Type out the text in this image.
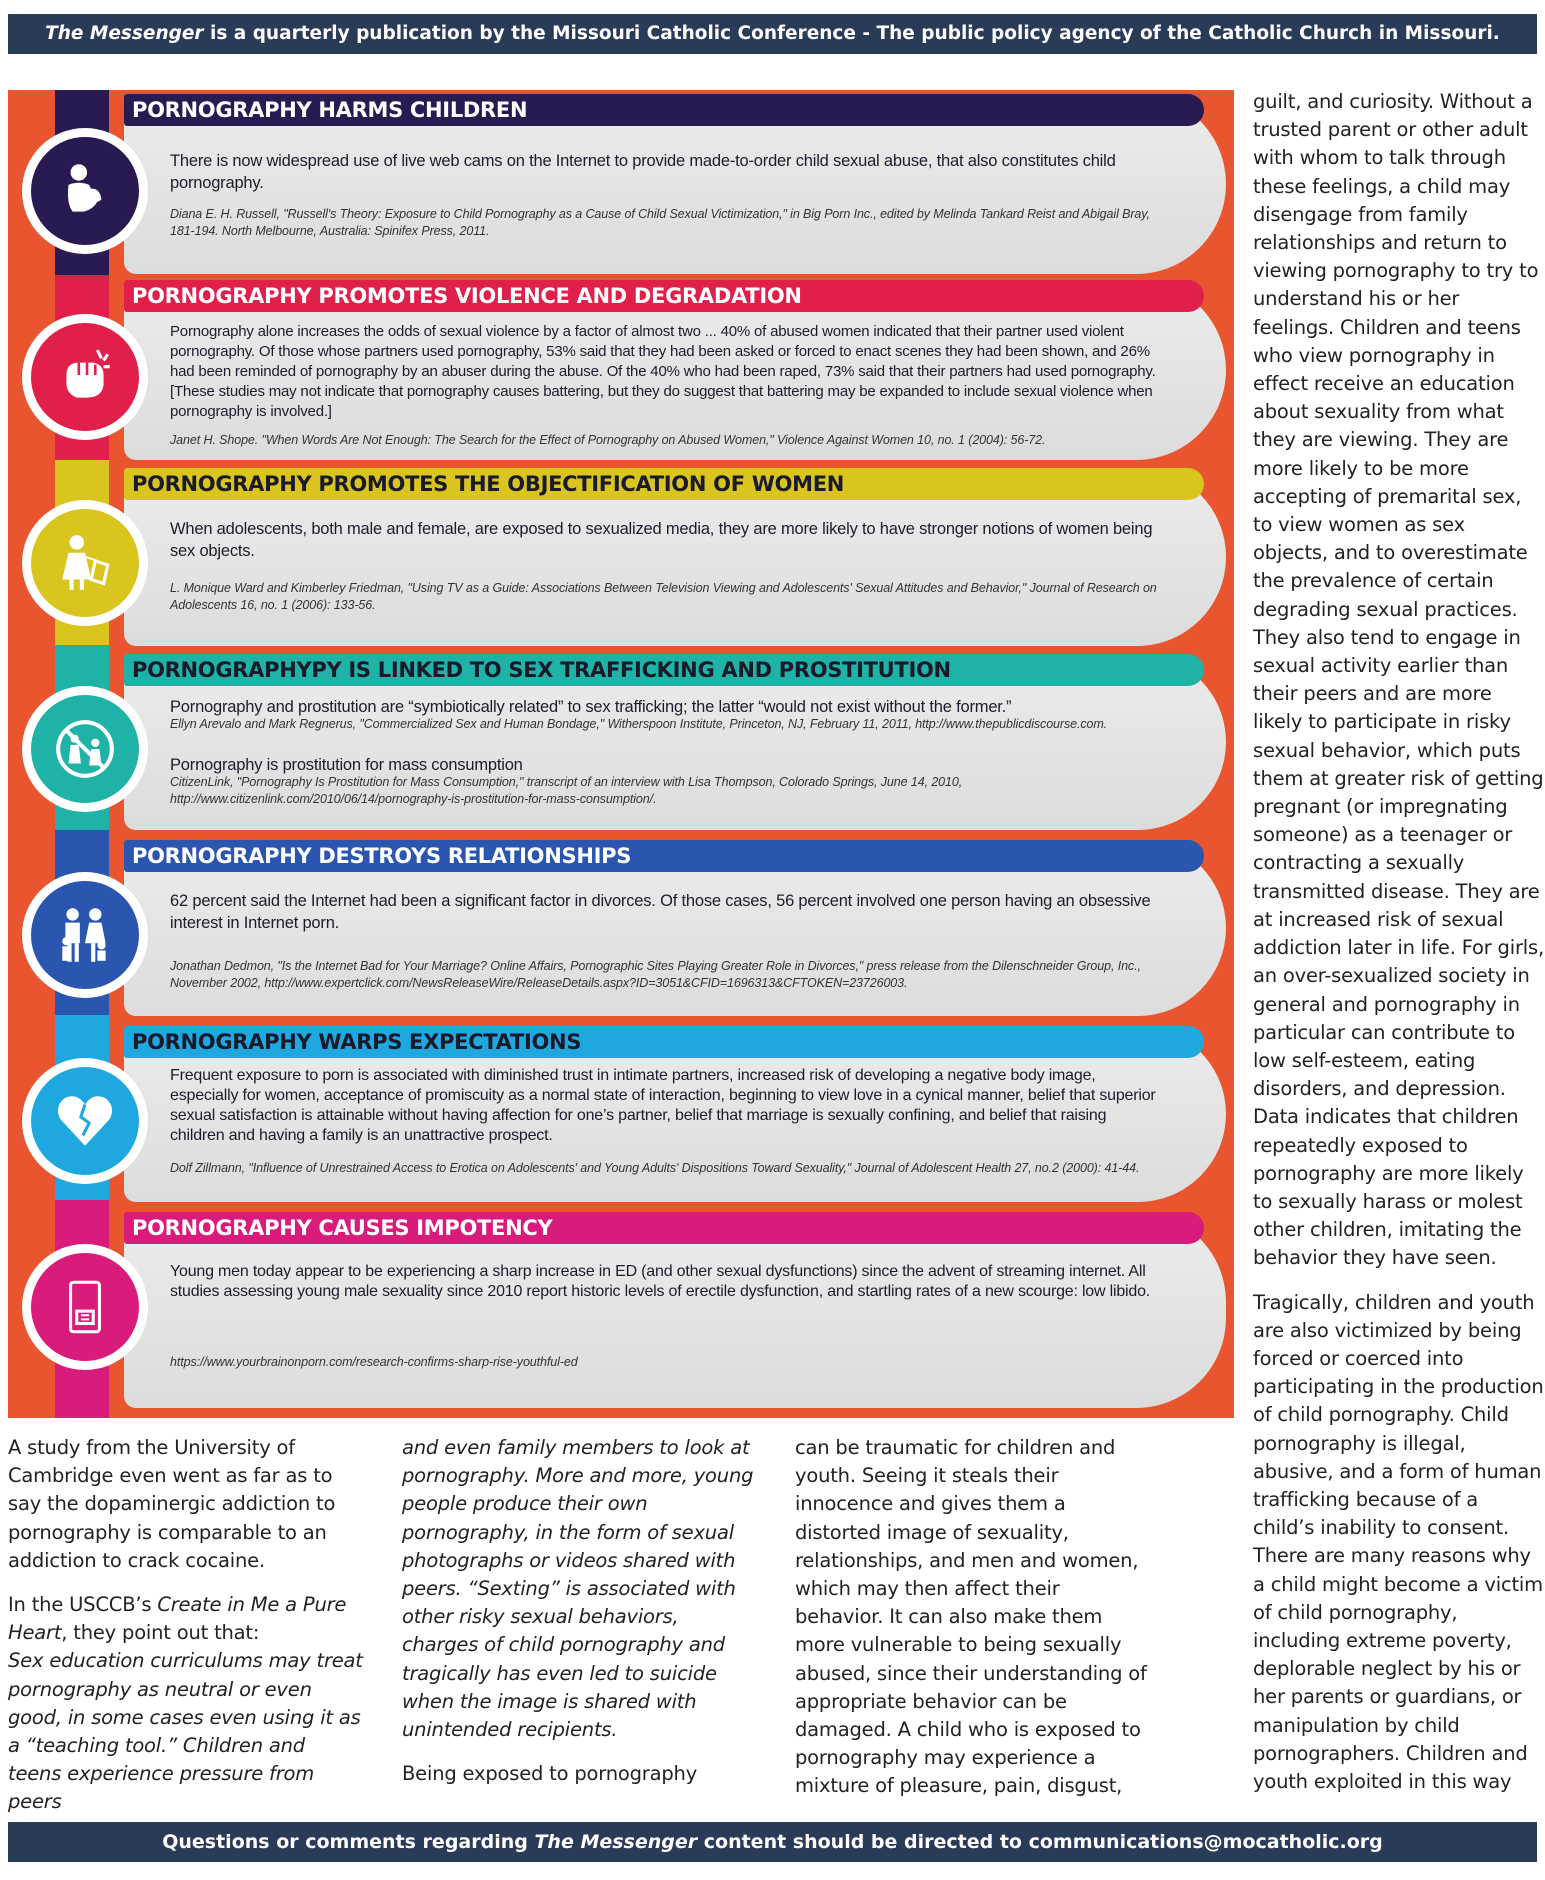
The Messenger is a quarterly publication by the Missouri Catholic Conference - The public policy agency of the Catholic Church in Missouri.
PORNOGRAPHY HARMS CHILDREN
There is now widespread use of live web cams on the Internet to provide made-to-order child sexual abuse, that also constitutes child pornography.
Diana E. H. Russell, "Russell's Theory: Exposure to Child Pornography as a Cause of Child Sexual Victimization," in Big Porn Inc., edited by Melinda Tankard Reist and Abigail Bray, 181-194. North Melbourne, Australia: Spinifex Press, 2011.
PORNOGRAPHY PROMOTES VIOLENCE AND DEGRADATION
Pornography alone increases the odds of sexual violence by a factor of almost two ... 40% of abused women indicated that their partner used violent pornography. Of those whose partners used pornography, 53% said that they had been asked or forced to enact scenes they had been shown, and 26% had been reminded of pornography by an abuser during the abuse. Of the 40% who had been raped, 73% said that their partners had used pornography. [These studies may not indicate that pornography causes battering, but they do suggest that battering may be expanded to include sexual violence when pornography is involved.]
Janet H. Shope. "When Words Are Not Enough: The Search for the Effect of Pornography on Abused Women," Violence Against Women 10, no. 1 (2004): 56-72.
PORNOGRAPHY PROMOTES THE OBJECTIFICATION OF WOMEN
When adolescents, both male and female, are exposed to sexualized media, they are more likely to have stronger notions of women being sex objects.
L. Monique Ward and Kimberley Friedman, "Using TV as a Guide: Associations Between Television Viewing and Adolescents' Sexual Attitudes and Behavior," Journal of Research on Adolescents 16, no. 1 (2006): 133-56.
PORNOGRAPHYPY IS LINKED TO SEX TRAFFICKING AND PROSTITUTION
Pornography and prostitution are “symbiotically related” to sex trafficking; the latter “would not exist without the former.”
Ellyn Arevalo and Mark Regnerus, "Commercialized Sex and Human Bondage," Witherspoon Institute, Princeton, NJ, February 11, 2011, http://www.thepublicdiscourse.com.
Pornography is prostitution for mass consumption
CitizenLink, "Pornography Is Prostitution for Mass Consumption," transcript of an interview with Lisa Thompson, Colorado Springs, June 14, 2010, http://www.citizenlink.com/2010/06/14/pornography-is-prostitution-for-mass-consumption/.
PORNOGRAPHY DESTROYS RELATIONSHIPS
62 percent said the Internet had been a significant factor in divorces. Of those cases, 56 percent involved one person having an obsessive interest in Internet porn.
Jonathan Dedmon, "Is the Internet Bad for Your Marriage? Online Affairs, Pornographic Sites Playing Greater Role in Divorces," press release from the Dilenschneider Group, Inc., November 2002, http://www.expertclick.com/NewsReleaseWire/ReleaseDetails.aspx?ID=3051&CFID=1696313&CFTOKEN=23726003.
PORNOGRAPHY WARPS EXPECTATIONS
Frequent exposure to porn is associated with diminished trust in intimate partners, increased risk of developing a negative body image, especially for women, acceptance of promiscuity as a normal state of interaction, beginning to view love in a cynical manner, belief that superior sexual satisfaction is attainable without having affection for one’s partner, belief that marriage is sexually confining, and belief that raising children and having a family is an unattractive prospect.
Dolf Zillmann, "Influence of Unrestrained Access to Erotica on Adolescents' and Young Adults' Dispositions Toward Sexuality," Journal of Adolescent Health 27, no.2 (2000): 41-44.
PORNOGRAPHY CAUSES IMPOTENCY
Young men today appear to be experiencing a sharp increase in ED (and other sexual dysfunctions) since the advent of streaming internet. All studies assessing young male sexuality since 2010 report historic levels of erectile dysfunction, and startling rates of a new scourge: low libido.
https://www.yourbrainonporn.com/research-confirms-sharp-rise-youthful-ed

guilt, and curiosity. Without a trusted parent or other adult with whom to talk through these feelings, a child may disengage from family relationships and return to viewing pornography to try to understand his or her feelings. Children and teens who view pornography in effect receive an education about sexuality from what they are viewing. They are more likely to be more accepting of premarital sex, to view women as sex objects, and to overestimate the prevalence of certain degrading sexual practices. They also tend to engage in sexual activity earlier than their peers and are more likely to participate in risky sexual behavior, which puts them at greater risk of getting pregnant (or impregnating someone) as a teenager or contracting a sexually transmitted disease. They are at increased risk of sexual addiction later in life. For girls, an over-sexualized society in general and pornography in particular can contribute to low self-esteem, eating disorders, and depression. Data indicates that children repeatedly exposed to pornography are more likely to sexually harass or molest other children, imitating the behavior they have seen.

Tragically, children and youth are also victimized by being forced or coerced into participating in the production of child pornography. Child pornography is illegal, abusive, and a form of human trafficking because of a child’s inability to consent. There are many reasons why a child might become a victim of child pornography, including extreme poverty, deplorable neglect by his or her parents or guardians, or manipulation by child pornographers. Children and youth exploited in this way

A study from the University of Cambridge even went as far as to say the dopaminergic addiction to pornography is comparable to an addiction to crack cocaine.

In the USCCB’s Create in Me a Pure Heart, they point out that:

Sex education curriculums may treat pornography as neutral or even good, in some cases even using it as a “teaching tool.” Children and teens experience pressure from peers

and even family members to look at pornography. More and more, young people produce their own pornography, in the form of sexual photographs or videos shared with peers. “Sexting” is associated with other risky sexual behaviors, charges of child pornography and tragically has even led to suicide when the image is shared with unintended recipients.

Being exposed to pornography

can be traumatic for children and youth. Seeing it steals their innocence and gives them a distorted image of sexuality, relationships, and men and women, which may then affect their behavior. It can also make them more vulnerable to being sexually abused, since their understanding of appropriate behavior can be damaged. A child who is exposed to pornography may experience a mixture of pleasure, pain, disgust,

Questions or comments regarding The Messenger content should be directed to communications@mocatholic.org
